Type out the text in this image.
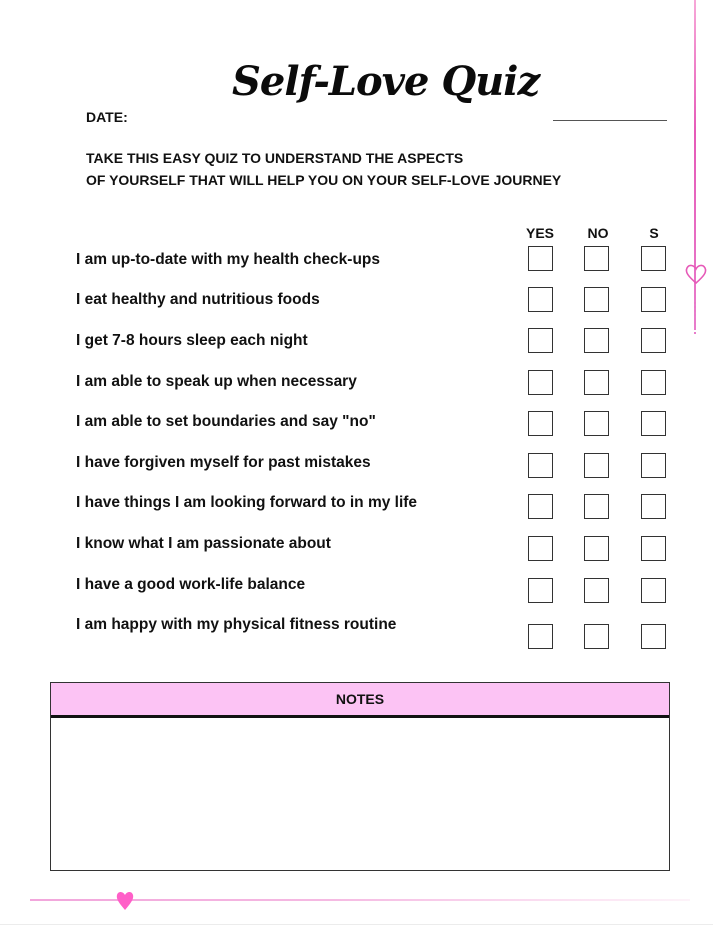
Self-Love Quiz
DATE:
TAKE THIS EASY QUIZ TO UNDERSTAND THE ASPECTS
OF YOURSELF THAT WILL HELP YOU ON YOUR SELF-LOVE JOURNEY
YES	NO	S
I am up-to-date with my health check-ups
I eat healthy and nutritious foods
I get 7-8 hours sleep each night
I am able to speak up when necessary
I am able to set boundaries and say "no"
I have forgiven myself for past mistakes
I have things I am looking forward to in my life
I know what I am passionate about
I have a good work-life balance
I am happy with my physical fitness routine
NOTES
